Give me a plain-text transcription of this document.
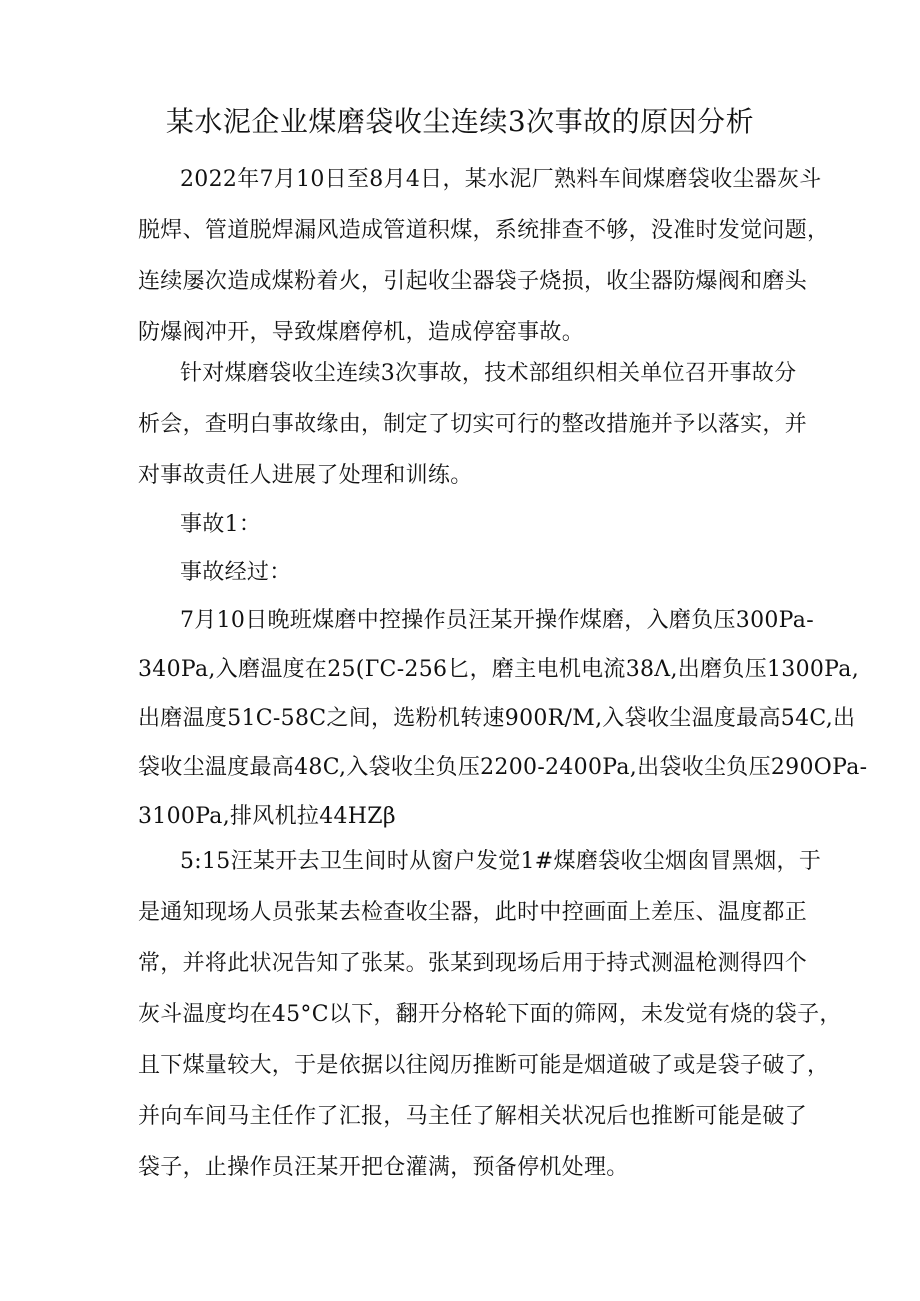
某水泥企业煤磨袋收尘连续3次事故的原因分析
2022年7月10日至8月4日，某水泥厂熟料车间煤磨袋收尘器灰斗
脱焊、管道脱焊漏风造成管道积煤，系统排查不够，没准时发觉问题，
连续屡次造成煤粉着火，引起收尘器袋子烧损，收尘器防爆阀和磨头
防爆阀冲开，导致煤磨停机，造成停窑事故。
针对煤磨袋收尘连续3次事故，技术部组织相关单位召开事故分
析会，查明白事故缘由，制定了切实可行的整改措施并予以落实，并
对事故责任人进展了处理和训练。
事故1：
事故经过：
7月10日晚班煤磨中控操作员汪某开操作煤磨，入磨负压300Pa-
340Pa,入磨温度在25(ГC-256匕，磨主电机电流38Λ,出磨负压1300Pa,
出磨温度51C-58C之间，选粉机转速900R/M,入袋收尘温度最高54C,出
袋收尘温度最高48C,入袋收尘负压2200-2400Pa,出袋收尘负压290OPa-
3100Pa,排风机拉44HZβ
5:15汪某开去卫生间时从窗户发觉1#煤磨袋收尘烟囱冒黑烟，于
是通知现场人员张某去检查收尘器，此时中控画面上差压、温度都正
常，并将此状况告知了张某。张某到现场后用于持式测温枪测得四个
灰斗温度均在45°C以下，翻开分格轮下面的筛网，未发觉有烧的袋子，
且下煤量较大，于是依据以往阅历推断可能是烟道破了或是袋子破了，
并向车间马主任作了汇报，马主任了解相关状况后也推断可能是破了
袋子，止操作员汪某开把仓灌满，预备停机处理。
